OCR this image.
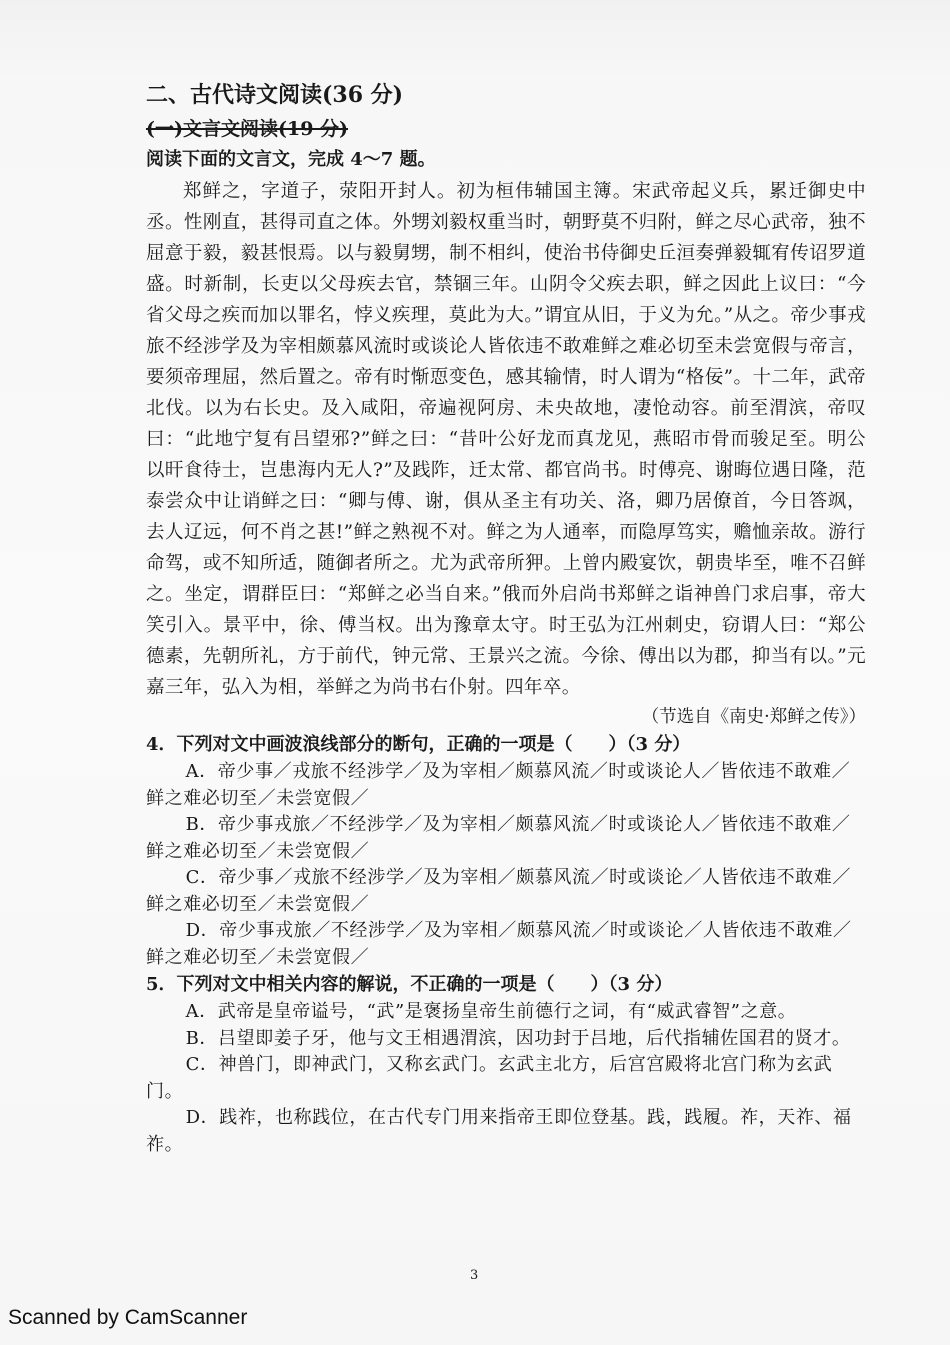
二、古代诗文阅读(36 分)

(一)文言文阅读(19 分)

阅读下面的文言文，完成 4～7 题。

郑鲜之，字道子，荥阳开封人。初为桓伟辅国主簿。宋武帝起义兵，累迁御史中丞。性刚直，甚得司直之体。外甥刘毅权重当时，朝野莫不归附，鲜之尽心武帝，独不屈意于毅，毅甚恨焉。以与毅舅甥，制不相纠，使治书侍御史丘洹奏弹毅辄宥传诏罗道盛。时新制，长吏以父母疾去官，禁锢三年。山阴令父疾去职，鲜之因此上议曰：“今省父母之疾而加以罪名，悖义疾理，莫此为大。”谓宜从旧，于义为允。”从之。帝少事戎旅不经涉学及为宰相颇慕风流时或谈论人皆依违不敢难鲜之难必切至未尝宽假与帝言，要须帝理屈，然后置之。帝有时惭恧变色，感其输情，时人谓为“格佞”。十二年，武帝北伐。以为右长史。及入咸阳，帝遍视阿房、未央故地，凄怆动容。前至渭滨，帝叹曰：“此地宁复有吕望邪?”鲜之曰：“昔叶公好龙而真龙见，燕昭市骨而骏足至。明公以旰食待士，岂患海内无人?”及践阼，迁太常、都官尚书。时傅亮、谢晦位遇日隆，范泰尝众中让诮鲜之曰：“卿与傅、谢，俱从圣主有功关、洛，卿乃居僚首，今日答飒，去人辽远，何不肖之甚!”鲜之熟视不对。鲜之为人通率，而隐厚笃实，赡恤亲故。游行命驾，或不知所适，随御者所之。尤为武帝所狎。上曾内殿宴饮，朝贵毕至，唯不召鲜之。坐定，谓群臣曰：“郑鲜之必当自来。”俄而外启尚书郑鲜之诣神兽门求启事，帝大笑引入。景平中，徐、傅当权。出为豫章太守。时王弘为江州刺史，窃谓人曰：“郑公德素，先朝所礼，方于前代，钟元常、王景兴之流。今徐、傅出以为郡，抑当有以。”元嘉三年，弘入为相，举鲜之为尚书右仆射。四年卒。

（节选自《南史·郑鲜之传》）

4．下列对文中画波浪线部分的断句，正确的一项是（　　）（3 分）

A．帝少事／戎旅不经涉学／及为宰相／颇慕风流／时或谈论人／皆依违不敢难／鲜之难必切至／未尝宽假／

B．帝少事戎旅／不经涉学／及为宰相／颇慕风流／时或谈论人／皆依违不敢难／鲜之难必切至／未尝宽假／

C．帝少事／戎旅不经涉学／及为宰相／颇慕风流／时或谈论／人皆依违不敢难／鲜之难必切至／未尝宽假／

D．帝少事戎旅／不经涉学／及为宰相／颇慕风流／时或谈论／人皆依违不敢难／鲜之难必切至／未尝宽假／

5．下列对文中相关内容的解说，不正确的一项是（　　）（3 分）

A．武帝是皇帝谥号，“武”是褒扬皇帝生前德行之词，有“威武睿智”之意。

B．吕望即姜子牙，他与文王相遇渭滨，因功封于吕地，后代指辅佐国君的贤才。

C．神兽门，即神武门，又称玄武门。玄武主北方，后宫宫殿将北宫门称为玄武门。

D．践祚，也称践位，在古代专门用来指帝王即位登基。践，践履。祚，天祚、福祚。

3
Scanned by CamScanner
